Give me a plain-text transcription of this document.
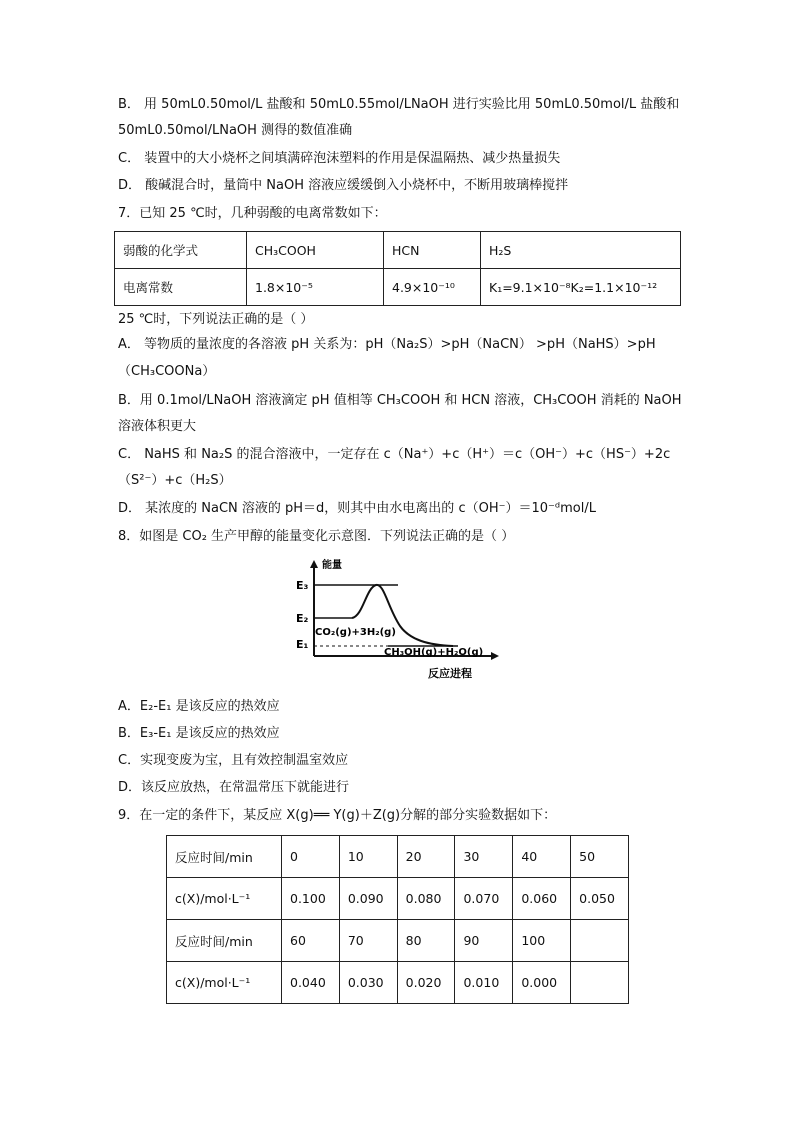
B． 用 50mL0.50mol/L 盐酸和 50mL0.55mol/LNaOH 进行实验比用 50mL0.50mol/L 盐酸和
50mL0.50mol/LNaOH 测得的数值准确
C． 装置中的大小烧杯之间填满碎泡沫塑料的作用是保温隔热、减少热量损失
D． 酸碱混合时，量筒中 NaOH 溶液应缓缓倒入小烧杯中，不断用玻璃棒搅拌
7．已知 25 ℃时，几种弱酸的电离常数如下：
弱酸的化学式	CH₃COOH	HCN	H₂S
电离常数	1.8×10⁻⁵	4.9×10⁻¹⁰	K₁=9.1×10⁻⁸K₂=1.1×10⁻¹²
25 ℃时，下列说法正确的是（ ）
A． 等物质的量浓度的各溶液 pH 关系为：pH（Na₂S）>pH（NaCN） >pH（NaHS）>pH
（CH₃COONa）
B．用 0.1mol/LNaOH 溶液滴定 pH 值相等 CH₃COOH 和 HCN 溶液，CH₃COOH 消耗的 NaOH
溶液体积更大
C． NaHS 和 Na₂S 的混合溶液中，一定存在 c（Na⁺）+c（H⁺）＝c（OH⁻）+c（HS⁻）+2c
（S²⁻）+c（H₂S）
D． 某浓度的 NaCN 溶液的 pH＝d，则其中由水电离出的 c（OH⁻）＝10⁻ᵈmol/L
8．如图是 CO₂ 生产甲醇的能量变化示意图．下列说法正确的是（ ）
能量
E₃
E₂
E₁
CO₂(g)+3H₂(g)
CH₃OH(g)+H₂O(g)
反应进程
A．E₂-E₁ 是该反应的热效应
B．E₃-E₁ 是该反应的热效应
C．实现变废为宝，且有效控制温室效应
D．该反应放热，在常温常压下就能进行
9．在一定的条件下，某反应 X(g)══ Y(g)＋Z(g)分解的部分实验数据如下：
反应时间/min	0	10	20	30	40	50
c(X)/mol·L⁻¹	0.100	0.090	0.080	0.070	0.060	0.050
反应时间/min	60	70	80	90	100	
c(X)/mol·L⁻¹	0.040	0.030	0.020	0.010	0.000	
